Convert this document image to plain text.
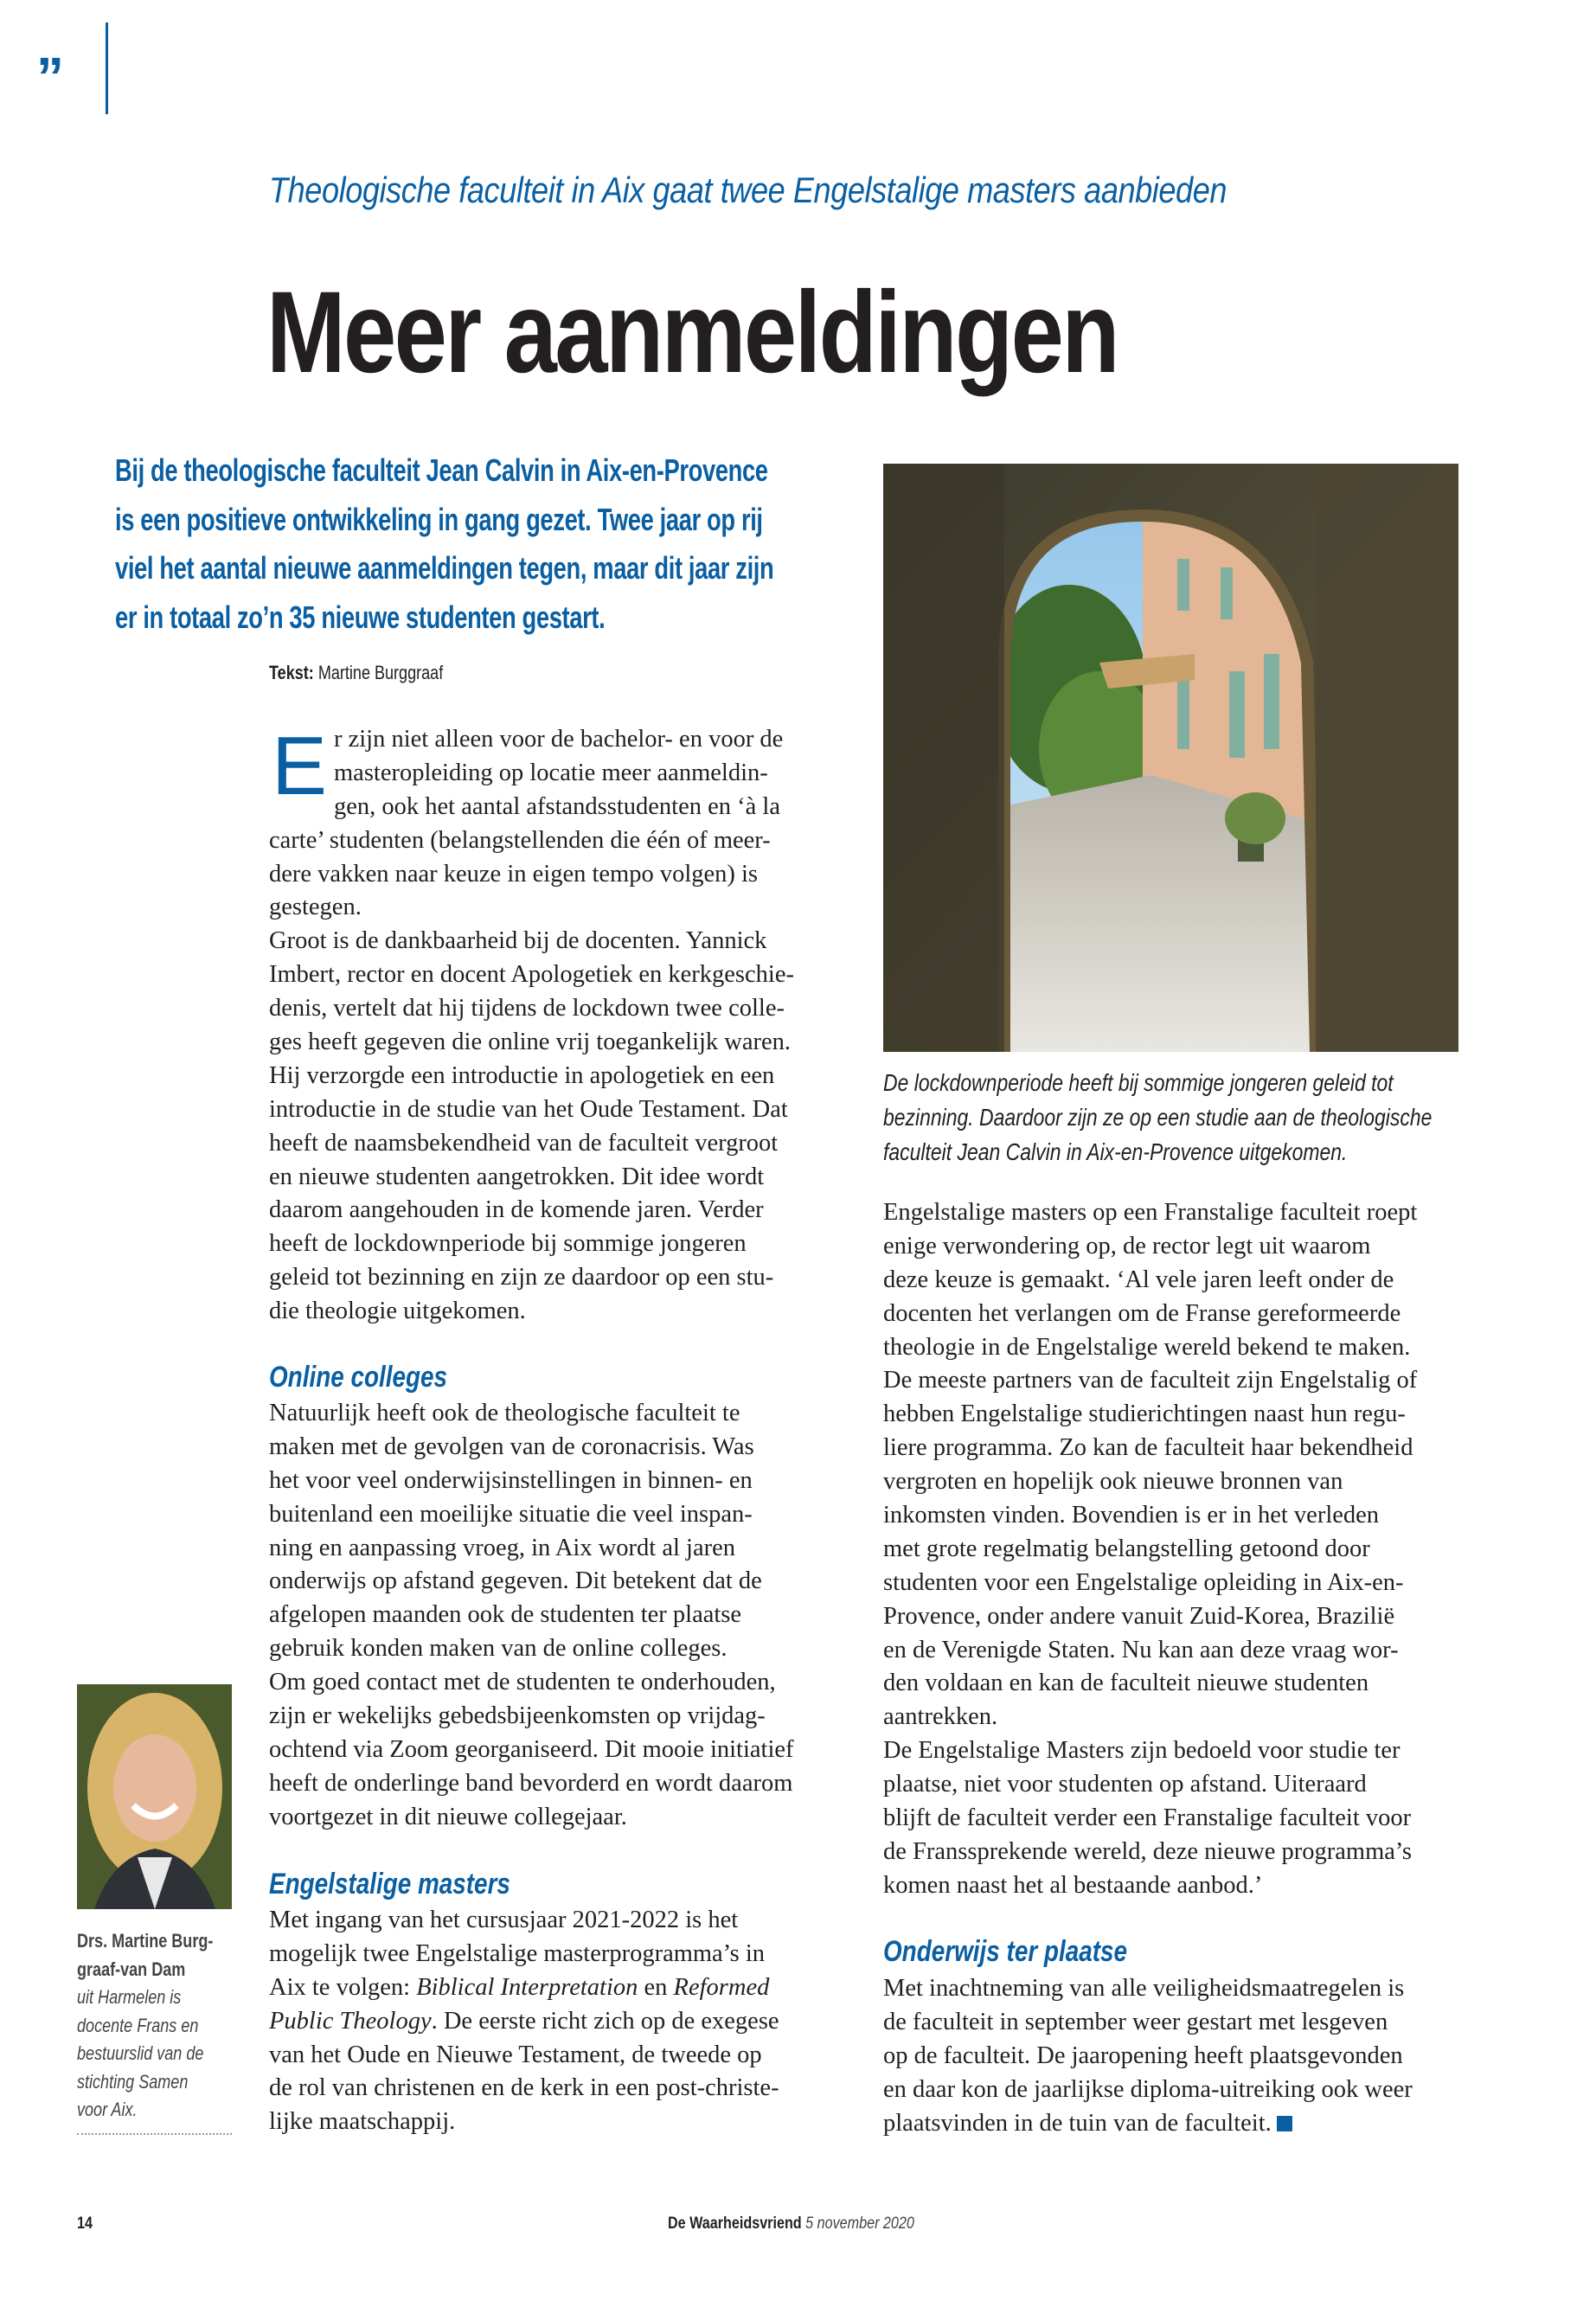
”
Theologische faculteit in Aix gaat twee Engelstalige masters aanbieden
Meer aanmeldingen
Bij de theologische faculteit Jean Calvin in Aix-en-Provence
is een positieve ontwikkeling in gang gezet. Twee jaar op rij
viel het aantal nieuwe aanmeldingen tegen, maar dit jaar zijn
er in totaal zo’n 35 nieuwe studenten gestart.
Tekst: Martine Burggraaf
E r zijn niet alleen voor de bachelor- en voor de
masteropleiding op locatie meer aanmeldin-
gen, ook het aantal afstandsstudenten en ‘à la
carte’ studenten (belangstellenden die één of meer-
dere vakken naar keuze in eigen tempo volgen) is
gestegen.
Groot is de dankbaarheid bij de docenten. Yannick
Imbert, rector en docent Apologetiek en kerkgeschie-
denis, vertelt dat hij tijdens de lockdown twee colle-
ges heeft gegeven die online vrij toegankelijk waren.
Hij verzorgde een introductie in apologetiek en een
introductie in de studie van het Oude Testament. Dat
heeft de naamsbekendheid van de faculteit vergroot
en nieuwe studenten aangetrokken. Dit idee wordt
daarom aangehouden in de komende jaren. Verder
heeft de lockdownperiode bij sommige jongeren
geleid tot bezinning en zijn ze daardoor op een stu-
die theologie uitgekomen.
Online colleges
Natuurlijk heeft ook de theologische faculteit te
maken met de gevolgen van de coronacrisis. Was
het voor veel onderwijsinstellingen in binnen- en
buitenland een moeilijke situatie die veel inspan-
ning en aanpassing vroeg, in Aix wordt al jaren
onderwijs op afstand gegeven. Dit betekent dat de
afgelopen maanden ook de studenten ter plaatse
gebruik konden maken van de online colleges.
Om goed contact met de studenten te onderhouden,
zijn er wekelijks gebedsbijeenkomsten op vrijdag-
ochtend via Zoom georganiseerd. Dit mooie initiatief
heeft de onderlinge band bevorderd en wordt daarom
voortgezet in dit nieuwe collegejaar.
Engelstalige masters
Met ingang van het cursusjaar 2021-2022 is het
mogelijk twee Engelstalige masterprogramma’s in
Aix te volgen: Biblical Interpretation en Reformed
Public Theology. De eerste richt zich op de exegese
van het Oude en Nieuwe Testament, de tweede op
de rol van christenen en de kerk in een post-christe-
lijke maatschappij.
De lockdownperiode heeft bij sommige jongeren geleid tot
bezinning. Daardoor zijn ze op een studie aan de theologische
faculteit Jean Calvin in Aix-en-Provence uitgekomen.
Engelstalige masters op een Franstalige faculteit roept
enige verwondering op, de rector legt uit waarom
deze keuze is gemaakt. ‘Al vele jaren leeft onder de
docenten het verlangen om de Franse gereformeerde
theologie in de Engelstalige wereld bekend te maken.
De meeste partners van de faculteit zijn Engelstalig of
hebben Engelstalige studierichtingen naast hun regu-
liere programma. Zo kan de faculteit haar bekendheid
vergroten en hopelijk ook nieuwe bronnen van
inkomsten vinden. Bovendien is er in het verleden
met grote regelmatig belangstelling getoond door
studenten voor een Engelstalige opleiding in Aix-en-
Provence, onder andere vanuit Zuid-Korea, Brazilië
en de Verenigde Staten. Nu kan aan deze vraag wor-
den voldaan en kan de faculteit nieuwe studenten
aantrekken.
De Engelstalige Masters zijn bedoeld voor studie ter
plaatse, niet voor studenten op afstand. Uiteraard
blijft de faculteit verder een Franstalige faculteit voor
de Franssprekende wereld, deze nieuwe programma’s
komen naast het al bestaande aanbod.’
Onderwijs ter plaatse
Met inachtneming van alle veiligheidsmaatregelen is
de faculteit in september weer gestart met lesgeven
op de faculteit. De jaaropening heeft plaatsgevonden
en daar kon de jaarlijkse diploma-uitreiking ook weer
plaatsvinden in de tuin van de faculteit.
Drs. Martine Burg-
graaf-van Dam
uit Harmelen is
docente Frans en
bestuurslid van de
stichting Samen
voor Aix.
14	De Waarheidsvriend 5 november 2020
